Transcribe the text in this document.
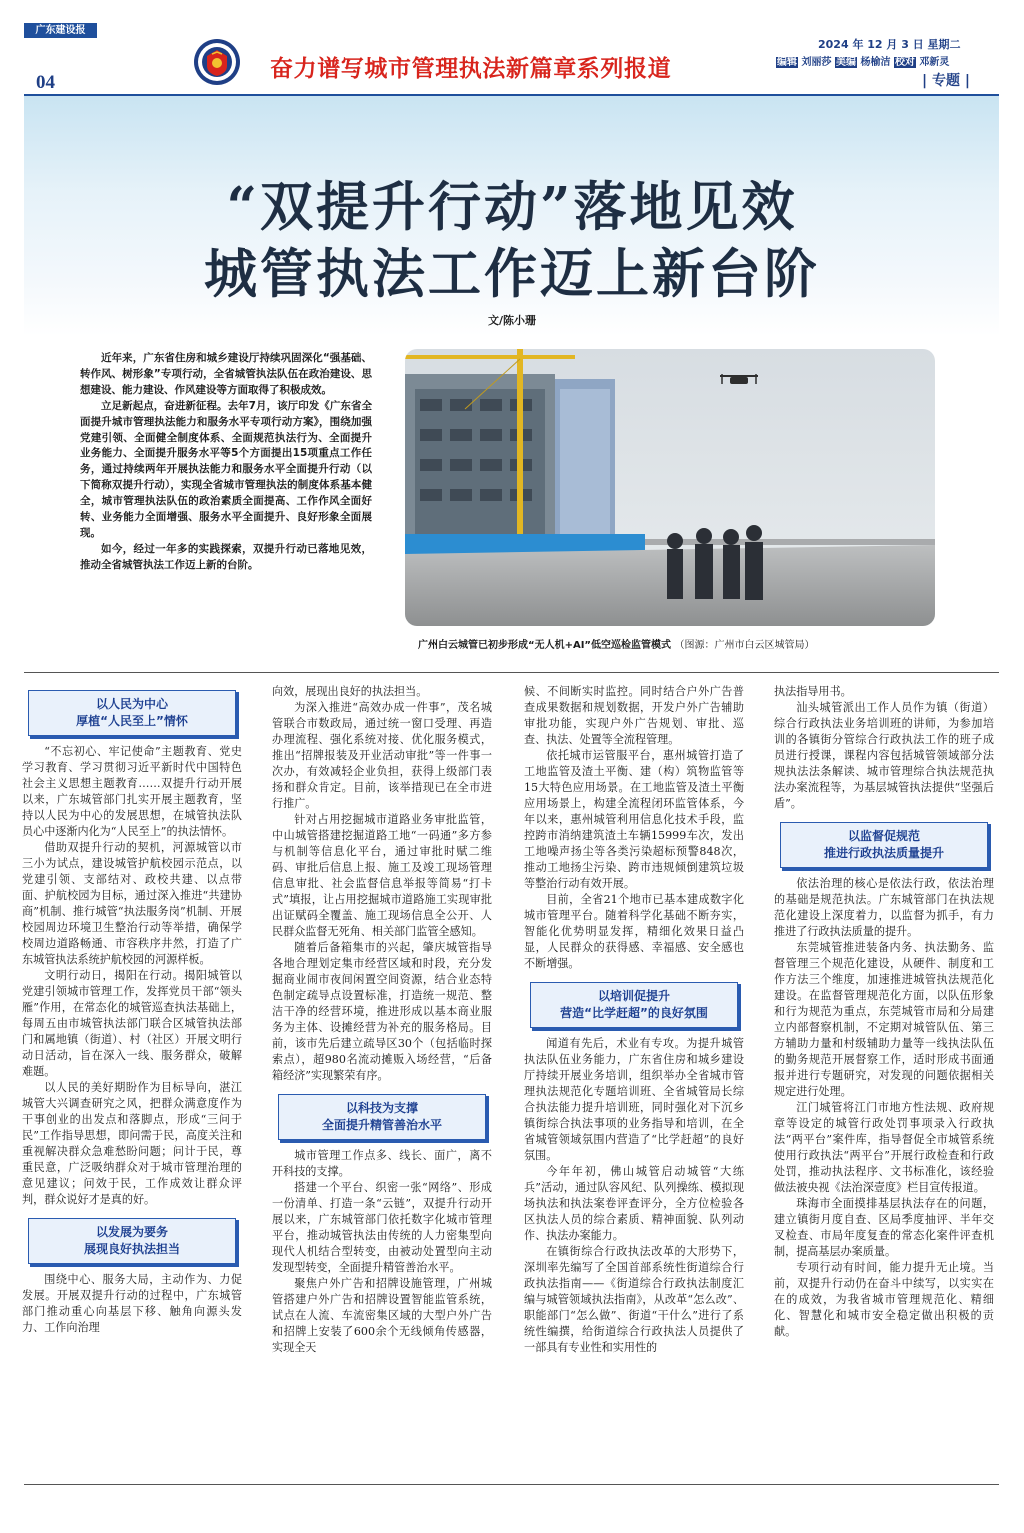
广东建设报
04
奋力谱写城市管理执法新篇章系列报道
2024 年 12 月 3 日 星期二
编辑 刘丽莎 美编 杨榆洁 校对 邓新灵
| 专题 |
“双提升行动”落地见效
城管执法工作迈上新台阶
文/陈小珊

近年来，广东省住房和城乡建设厅持续巩固深化“强基础、转作风、树形象”专项行动，全省城管执法队伍在政治建设、思想建设、能力建设、作风建设等方面取得了积极成效。

立足新起点，奋进新征程。去年7月，该厅印发《广东省全面提升城市管理执法能力和服务水平专项行动方案》，围绕加强党建引领、全面健全制度体系、全面规范执法行为、全面提升业务能力、全面提升服务水平等5个方面提出15项重点工作任务，通过持续两年开展执法能力和服务水平全面提升行动（以下简称双提升行动），实现全省城市管理执法的制度体系基本健全，城市管理执法队伍的政治素质全面提高、工作作风全面好转、业务能力全面增强、服务水平全面提升、良好形象全面展现。

如今，经过一年多的实践探索，双提升行动已落地见效，推动全省城管执法工作迈上新的台阶。

广州白云城管已初步形成“无人机+AI”低空巡检监管模式 （图源：广州市白云区城管局）
以人民为中心
厚植“人民至上”情怀

“不忘初心、牢记使命”主题教育、党史学习教育、学习贯彻习近平新时代中国特色社会主义思想主题教育……双提升行动开展以来，广东城管部门扎实开展主题教育，坚持以人民为中心的发展思想，在城管执法队员心中逐渐内化为“人民至上”的执法情怀。

借助双提升行动的契机，河源城管以市三小为试点，建设城管护航校园示范点，以党建引领、支部结对、政校共建、以点带面、护航校园为目标，通过深入推进“共建协商”机制、推行城管“执法服务岗”机制、开展校园周边环境卫生整治行动等举措，确保学校周边道路畅通、市容秩序井然，打造了广东城管执法系统护航校园的河源样板。

文明行动日，揭阳在行动。揭阳城管以党建引领城市管理工作，发挥党员干部“领头雁”作用，在常态化的城管巡查执法基础上，每周五由市城管执法部门联合区城管执法部门和属地镇（街道）、村（社区）开展文明行动日活动，旨在深入一线、服务群众，破解难题。

以人民的美好期盼作为目标导向，湛江城管大兴调查研究之风，把群众满意度作为干事创业的出发点和落脚点，形成“三问于民”工作指导思想，即问需于民，高度关注和重视解决群众急难愁盼问题；问计于民，尊重民意，广泛吸纳群众对于城市管理治理的意见建议；问效于民，工作成效让群众评判，群众说好才是真的好。

以发展为要务
展现良好执法担当

围绕中心、服务大局，主动作为、力促发展。开展双提升行动的过程中，广东城管部门推动重心向基层下移、触角向源头发力、工作向治理

向效，展现出良好的执法担当。

为深入推进“高效办成一件事”，茂名城管联合市数政局，通过统一窗口受理、再造办理流程、强化系统对接、优化服务模式，推出“招牌报装及开业活动审批”等一件事一次办，有效减轻企业负担，获得上级部门表扬和群众肯定。目前，该举措现已在全市进行推广。

针对占用挖掘城市道路业务审批监管，中山城管搭建挖掘道路工地“一码通”多方参与机制等信息化平台，通过审批时赋二维码、审批后信息上报、施工及竣工现场管理信息审批、社会监督信息举报等简易“打卡式”填报，让占用挖掘城市道路施工实现审批出证赋码全覆盖、施工现场信息全公开、人民群众监督无死角、相关部门监管全感知。

随着后备箱集市的兴起，肇庆城管指导各地合理划定集市经营区域和时段，充分发掘商业闹市夜间闲置空间资源，结合业态特色制定疏导点设置标准，打造统一规范、整洁干净的经营环境，推进形成以基本商业服务为主体、设摊经营为补充的服务格局。目前，该市先后建立疏导区30个（包括临时探索点），超980名流动摊贩入场经营，“后备箱经济”实现繁荣有序。

以科技为支撑
全面提升精管善治水平

城市管理工作点多、线长、面广，离不开科技的支撑。

搭建一个平台、织密一张“网络”、形成一份清单、打造一条“云链”，双提升行动开展以来，广东城管部门依托数字化城市管理平台，推动城管执法由传统的人力密集型向现代人机结合型转变，由被动处置型向主动发现型转变，全面提升精管善治水平。

聚焦户外广告和招牌设施管理，广州城管搭建户外广告和招牌设置智能监管系统，试点在人流、车流密集区域的大型户外广告和招牌上安装了600余个无线倾角传感器，实现全天

候、不间断实时监控。同时结合户外广告普查成果数据和规划数据，开发户外广告辅助审批功能，实现户外广告规划、审批、巡查、执法、处置等全流程管理。

依托城市运管服平台，惠州城管打造了工地监管及渣土平衡、建（构）筑物监管等15大特色应用场景。在工地监管及渣土平衡应用场景上，构建全流程闭环监管体系，今年以来，惠州城管利用信息化技术手段，监控跨市消纳建筑渣土车辆15999车次，发出工地噪声扬尘等各类污染超标预警848次，推动工地扬尘污染、跨市违规倾倒建筑垃圾等整治行动有效开展。

目前，全省21个地市已基本建成数字化城市管理平台。随着科学化基础不断夯实，智能化优势明显发挥，精细化效果日益凸显，人民群众的获得感、幸福感、安全感也不断增强。

以培训促提升
营造“比学赶超”的良好氛围

闻道有先后，术业有专攻。为提升城管执法队伍业务能力，广东省住房和城乡建设厅持续开展业务培训，组织举办全省城市管理执法规范化专题培训班、全省城管局长综合执法能力提升培训班，同时强化对下沉乡镇街综合执法事项的业务指导和培训，在全省城管领域氛围内营造了“比学赶超”的良好氛围。

今年年初，佛山城管启动城管“大练兵”活动，通过队容风纪、队列操练、模拟现场执法和执法案卷评查评分，全方位检验各区执法人员的综合素质、精神面貌、队列动作、执法办案能力。

在镇街综合行政执法改革的大形势下，深圳率先编写了全国首部系统性街道综合行政执法指南——《街道综合行政执法制度汇编与城管领域执法指南》，从改革“怎么改”、职能部门“怎么做”、街道“干什么”进行了系统性编撰，给街道综合行政执法人员提供了一部具有专业性和实用性的

执法指导用书。

汕头城管派出工作人员作为镇（街道）综合行政执法业务培训班的讲师，为参加培训的各镇街分管综合行政执法工作的班子成员进行授课，课程内容包括城管领域部分法规执法法条解读、城市管理综合执法规范执法办案流程等，为基层城管执法提供“坚强后盾”。

以监督促规范
推进行政执法质量提升

依法治理的核心是依法行政，依法治理的基础是规范执法。广东城管部门在执法规范化建设上深度着力，以监督为抓手，有力推进了行政执法质量的提升。

东莞城管推进装备内务、执法勤务、监督管理三个规范化建设，从硬件、制度和工作方法三个维度，加速推进城管执法规范化建设。在监督管理规范化方面，以队伍形象和行为规范为重点，东莞城管市局和分局建立内部督察机制，不定期对城管队伍、第三方辅助力量和村级辅助力量等一线执法队伍的勤务规范开展督察工作，适时形成书面通报并进行专题研究，对发现的问题依据相关规定进行处理。

江门城管将江门市地方性法规、政府规章等设定的城管行政处罚事项录入行政执法“两平台”案件库，指导督促全市城管系统使用行政执法“两平台”开展行政检查和行政处罚，推动执法程序、文书标准化，该经验做法被央视《法治深壹度》栏目宣传报道。

珠海市全面摸排基层执法存在的问题，建立镇街月度自查、区局季度抽评、半年交叉检查、市局年度复查的常态化案件评查机制，提高基层办案质量。

专项行动有时间，能力提升无止境。当前，双提升行动仍在奋斗中续写，以实实在在的成效，为我省城市管理规范化、精细化、智慧化和城市安全稳定做出积极的贡献。
